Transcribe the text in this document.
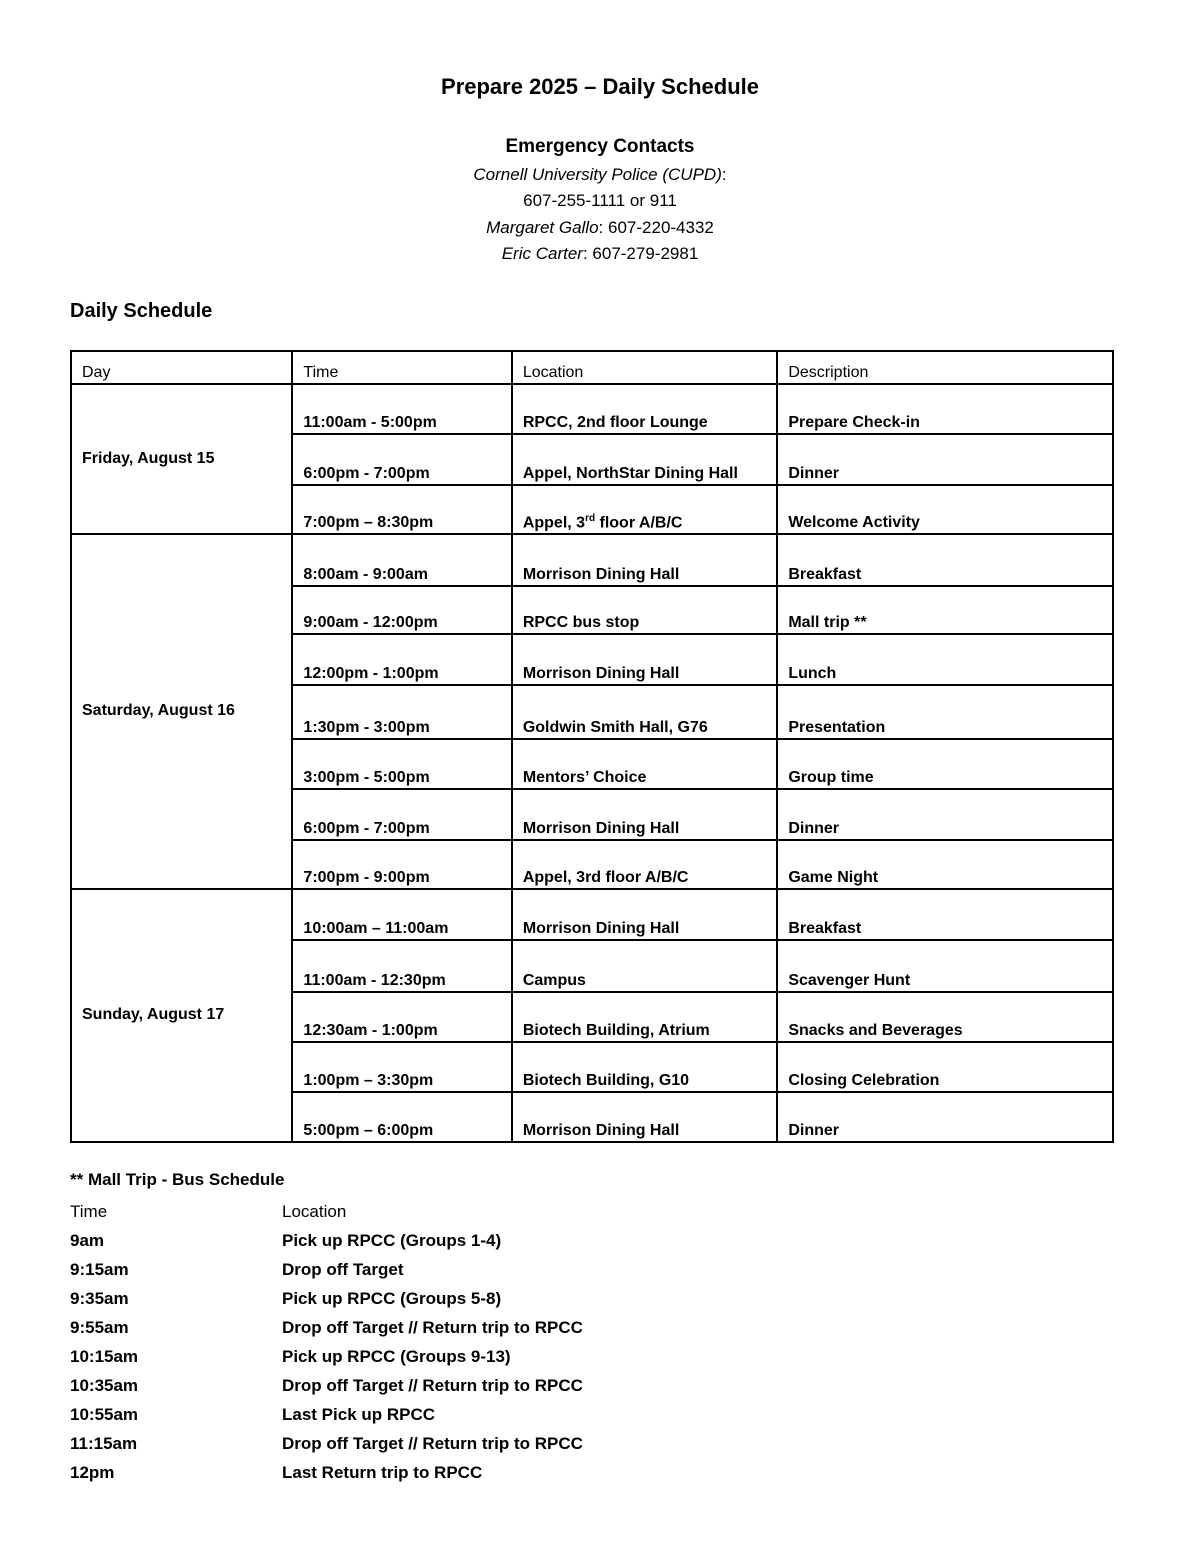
Prepare 2025 – Daily Schedule
Emergency Contacts
Cornell University Police (CUPD):
607-255-1111 or 911
Margaret Gallo: 607-220-4332
Eric Carter: 607-279-2981
Daily Schedule
Day	Time	Location	Description
Friday, August 15	11:00am - 5:00pm	RPCC, 2nd floor Lounge	Prepare Check-in
	6:00pm - 7:00pm	Appel, NorthStar Dining Hall	Dinner
	7:00pm – 8:30pm	Appel, 3rd floor A/B/C	Welcome Activity
Saturday, August 16	8:00am - 9:00am	Morrison Dining Hall	Breakfast
	9:00am - 12:00pm	RPCC bus stop	Mall trip **
	12:00pm - 1:00pm	Morrison Dining Hall	Lunch
	1:30pm - 3:00pm	Goldwin Smith Hall, G76	Presentation
	3:00pm - 5:00pm	Mentors’ Choice	Group time
	6:00pm - 7:00pm	Morrison Dining Hall	Dinner
	7:00pm - 9:00pm	Appel, 3rd floor A/B/C	Game Night
Sunday, August 17	10:00am – 11:00am	Morrison Dining Hall	Breakfast
	11:00am - 12:30pm	Campus	Scavenger Hunt
	12:30am - 1:00pm	Biotech Building, Atrium	Snacks and Beverages
	1:00pm – 3:30pm	Biotech Building, G10	Closing Celebration
	5:00pm – 6:00pm	Morrison Dining Hall	Dinner
** Mall Trip - Bus Schedule
Time	Location
9am	Pick up RPCC (Groups 1-4)
9:15am	Drop off Target
9:35am	Pick up RPCC (Groups 5-8)
9:55am	Drop off Target // Return trip to RPCC
10:15am	Pick up RPCC (Groups 9-13)
10:35am	Drop off Target // Return trip to RPCC
10:55am	Last Pick up RPCC
11:15am	Drop off Target // Return trip to RPCC
12pm	Last Return trip to RPCC
